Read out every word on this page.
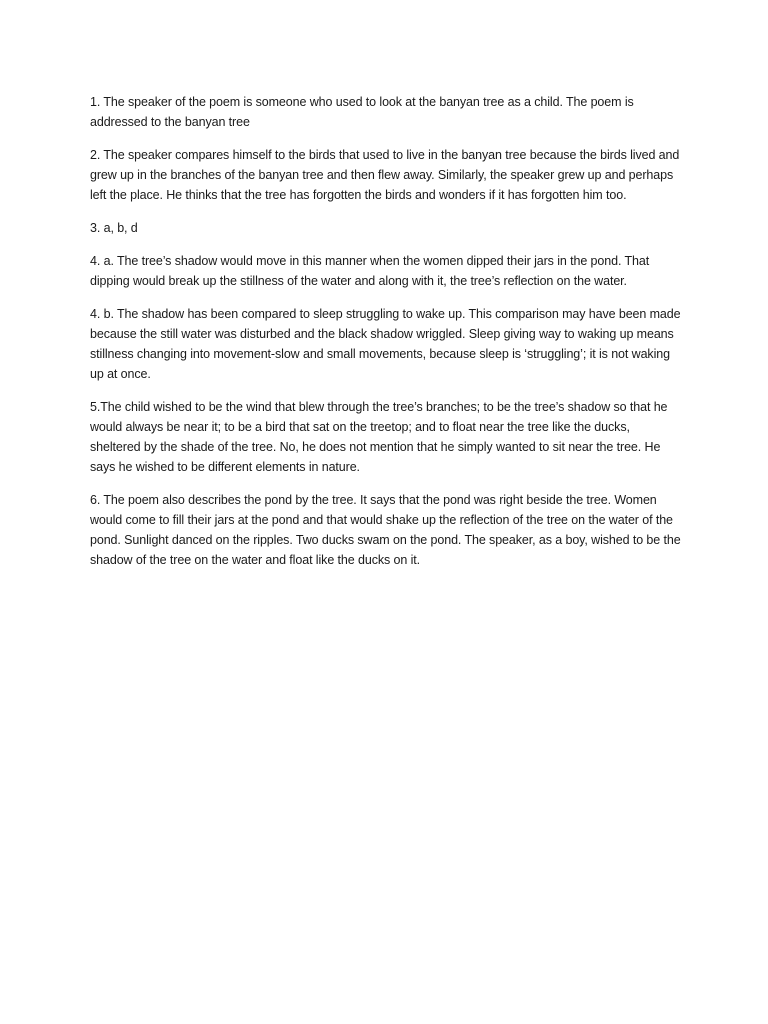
1. The speaker of the poem is someone who used to look at the banyan tree as a child. The poem is addressed to the banyan tree

2. The speaker compares himself to the birds that used to live in the banyan tree because the birds lived and grew up in the branches of the banyan tree and then flew away. Similarly, the speaker grew up and perhaps left the place. He thinks that the tree has forgotten the birds and wonders if it has forgotten him too.

3. a, b, d

4. a. The tree’s shadow would move in this manner when the women dipped their jars in the pond. That dipping would break up the stillness of the water and along with it, the tree’s reflection on the water.

4. b. The shadow has been compared to sleep struggling to wake up. This comparison may have been made because the still water was disturbed and the black shadow wriggled. Sleep giving way to waking up means stillness changing into movement-slow and small movements, because sleep is ‘struggling’; it is not waking up at once.

5.The child wished to be the wind that blew through the tree’s branches; to be the tree’s shadow so that he would always be near it; to be a bird that sat on the treetop; and to float near the tree like the ducks, sheltered by the shade of the tree. No, he does not mention that he simply wanted to sit near the tree. He says he wished to be different elements in nature.

6. The poem also describes the pond by the tree. It says that the pond was right beside the tree. Women would come to fill their jars at the pond and that would shake up the reflection of the tree on the water of the pond. Sunlight danced on the ripples. Two ducks swam on the pond. The speaker, as a boy, wished to be the shadow of the tree on the water and float like the ducks on it.
